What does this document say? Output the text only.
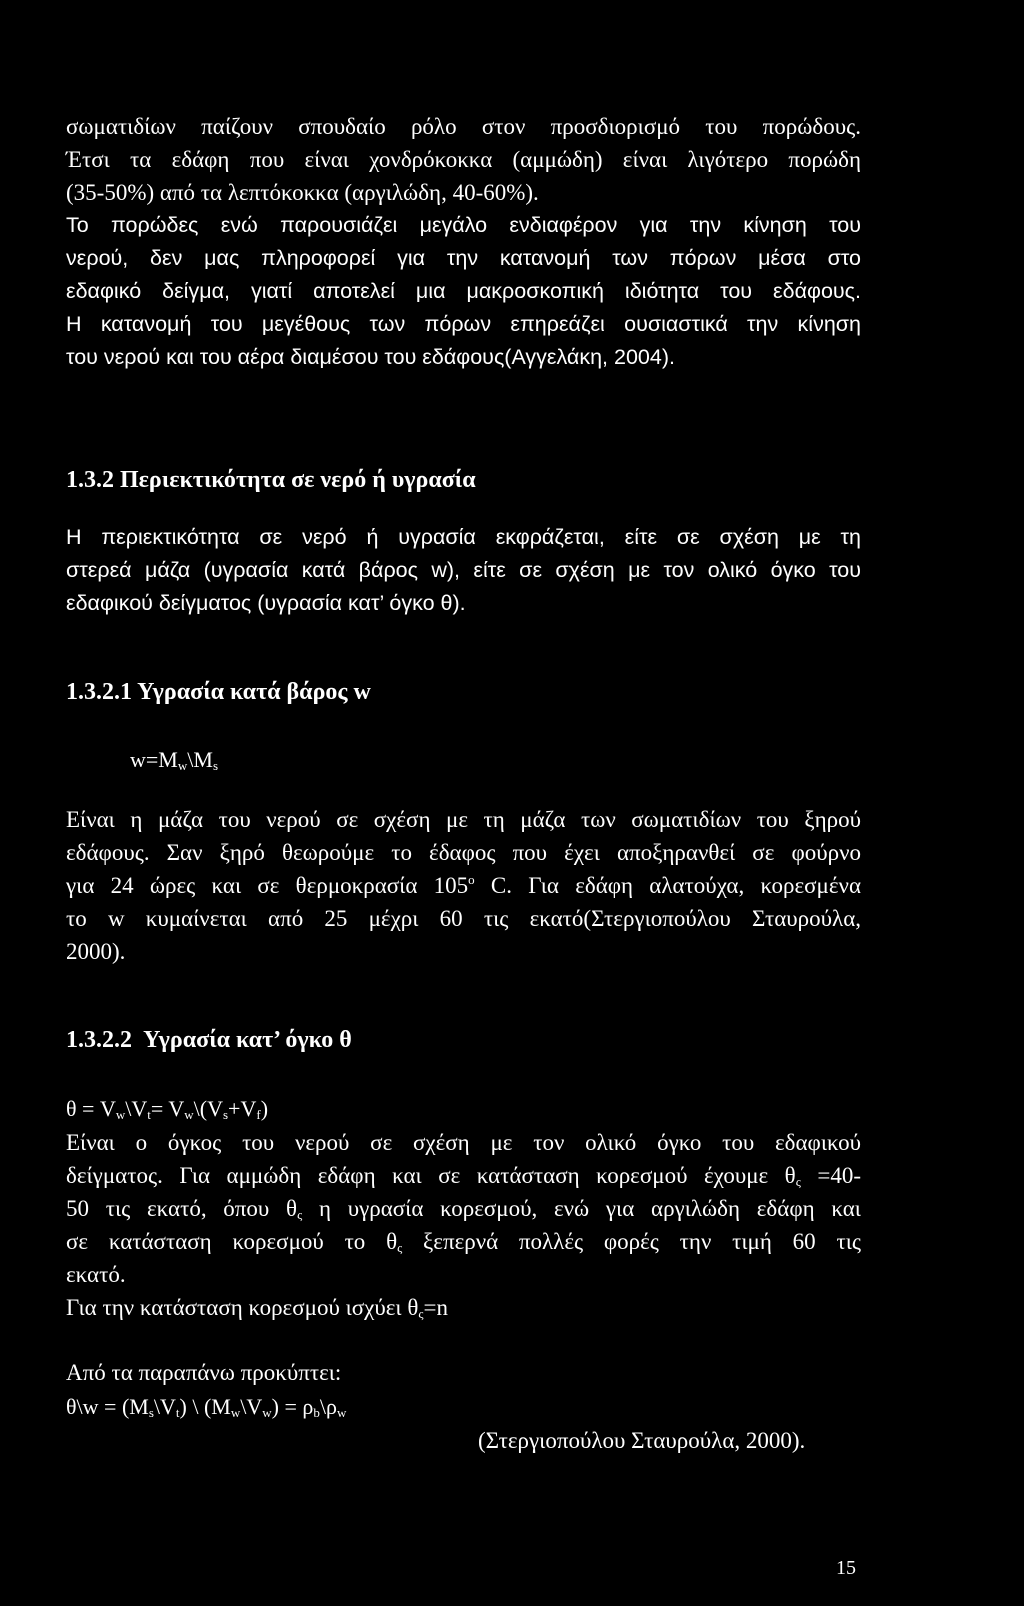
σωματιδίων παίζουν σπουδαίο ρόλο στον προσδιορισμό του πορώδους.
Έτσι τα εδάφη που είναι χονδρόκοκκα (αμμώδη) είναι λιγότερο πορώδη
(35-50%) από τα λεπτόκοκκα (αργιλώδη, 40-60%).
Το πορώδες ενώ παρουσιάζει μεγάλο ενδιαφέρον για την κίνηση του
νερού, δεν μας πληροφορεί για την κατανομή των πόρων μέσα στο
εδαφικό δείγμα, γιατί αποτελεί μια μακροσκοπική ιδιότητα του εδάφους.
Η κατανομή του μεγέθους των πόρων επηρεάζει ουσιαστικά την κίνηση
του νερού και του αέρα διαμέσου του εδάφους(Αγγελάκη, 2004).
1.3.2 Περιεκτικότητα σε νερό ή υγρασία
Η περιεκτικότητα σε νερό ή υγρασία εκφράζεται, είτε σε σχέση με τη
στερεά μάζα (υγρασία κατά βάρος w), είτε σε σχέση με τον ολικό όγκο του
εδαφικού δείγματος (υγρασία κατ’ όγκο θ).
1.3.2.1 Υγρασία κατά βάρος w
$w=M_w\backslash M_s$
Είναι η μάζα του νερού σε σχέση με τη μάζα των σωματιδίων του ξηρού
εδάφους. Σαν ξηρό θεωρούμε το έδαφος που έχει αποξηρανθεί σε φούρνο
για 24 ώρες και σε θερμοκρασία 105$^o$ C. Για εδάφη αλατούχα, κορεσμένα
το w κυμαίνεται από 25 μέχρι 60 τις εκατό(Στεργιοπούλου Σταυρούλα,
2000).
1.3.2.2  Υγρασία κατ’ όγκο θ
$\theta = V_w\backslash V_t=$ $V_w\backslash(V_s+V_f)$
Είναι ο όγκος του νερού σε σχέση με τον ολικό όγκο του εδαφικού
δείγματος. Για αμμώδη εδάφη και σε κατάσταση κορεσμού έχουμε $\theta_\varsigma =40-$
50 τις εκατό, όπου $\theta_\varsigma$ η υγρασία κορεσμού, ενώ για αργιλώδη εδάφη και
σε κατάσταση κορεσμού το $\theta_\varsigma$ ξεπερνά πολλές φορές την τιμή 60 τις
εκατό.
Για την κατάσταση κορεσμού ισχύει $\theta_\varsigma=n$
Από τα παραπάνω προκύπτει:
θ\w = $(M_s\backslash V_t)$ \ $(M_w\backslash V_w)$ = $\rho_b\backslash\rho_w$
(Στεργιοπούλου Σταυρούλα, 2000).
15
